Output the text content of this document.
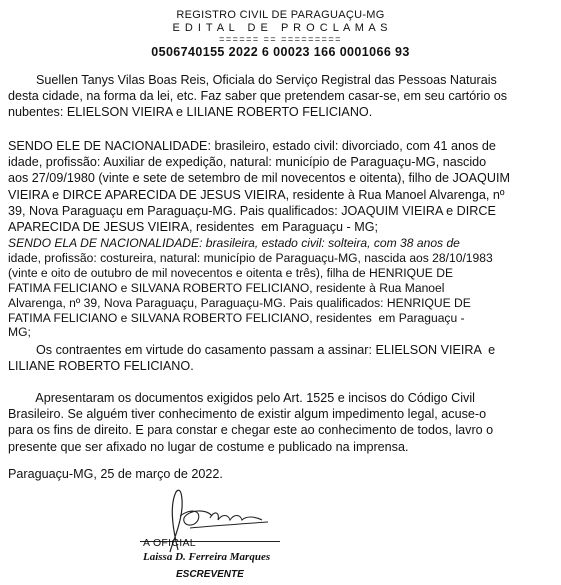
REGISTRO CIVIL DE PARAGUAÇU-MG
E D I T A L   D E   P R O C L A M A S
====== == =========
0506740155 2022 6 00023 166 0001066 93
Suellen Tanys Vilas Boas Reis, Oficiala do Serviço Registral das Pessoas Naturais
desta cidade, na forma da lei, etc. Faz saber que pretendem casar-se, em seu cartório os
nubentes: ELIELSON VIEIRA e LILIANE ROBERTO FELICIANO.
SENDO ELE DE NACIONALIDADE: brasileiro, estado civil: divorciado, com 41 anos de
idade, profissão: Auxiliar de expedição, natural: município de Paraguaçu-MG, nascido
aos 27/09/1980 (vinte e sete de setembro de mil novecentos e oitenta), filho de JOAQUIM
VIEIRA e DIRCE APARECIDA DE JESUS VIEIRA, residente à Rua Manoel Alvarenga, nº
39, Nova Paraguaçu em Paraguaçu-MG. Pais qualificados: JOAQUIM VIEIRA e DIRCE
APARECIDA DE JESUS VIEIRA, residentes  em Paraguaçu - MG;
SENDO ELA DE NACIONALIDADE: brasileira, estado civil: solteira, com 38 anos de
idade, profissão: costureira, natural: município de Paraguaçu-MG, nascida aos 28/10/1983
(vinte e oito de outubro de mil novecentos e oitenta e três), filha de HENRIQUE DE
FATIMA FELICIANO e SILVANA ROBERTO FELICIANO, residente à Rua Manoel
Alvarenga, nº 39, Nova Paraguaçu, Paraguaçu-MG. Pais qualificados: HENRIQUE DE
FATIMA FELICIANO e SILVANA ROBERTO FELICIANO, residentes  em Paraguaçu -
MG;
Os contraentes em virtude do casamento passam a assinar: ELIELSON VIEIRA  e
LILIANE ROBERTO FELICIANO.
Apresentaram os documentos exigidos pelo Art. 1525 e incisos do Código Civil
Brasileiro. Se alguém tiver conhecimento de existir algum impedimento legal, acuse-o
para os fins de direito. E para constar e chegar este ao conhecimento de todos, lavro o
presente que ser afixado no lugar de costume e publicado na imprensa.
Paraguaçu-MG, 25 de março de 2022.
A OFICIAL
Laissa D. Ferreira Marques
ESCREVENTE
